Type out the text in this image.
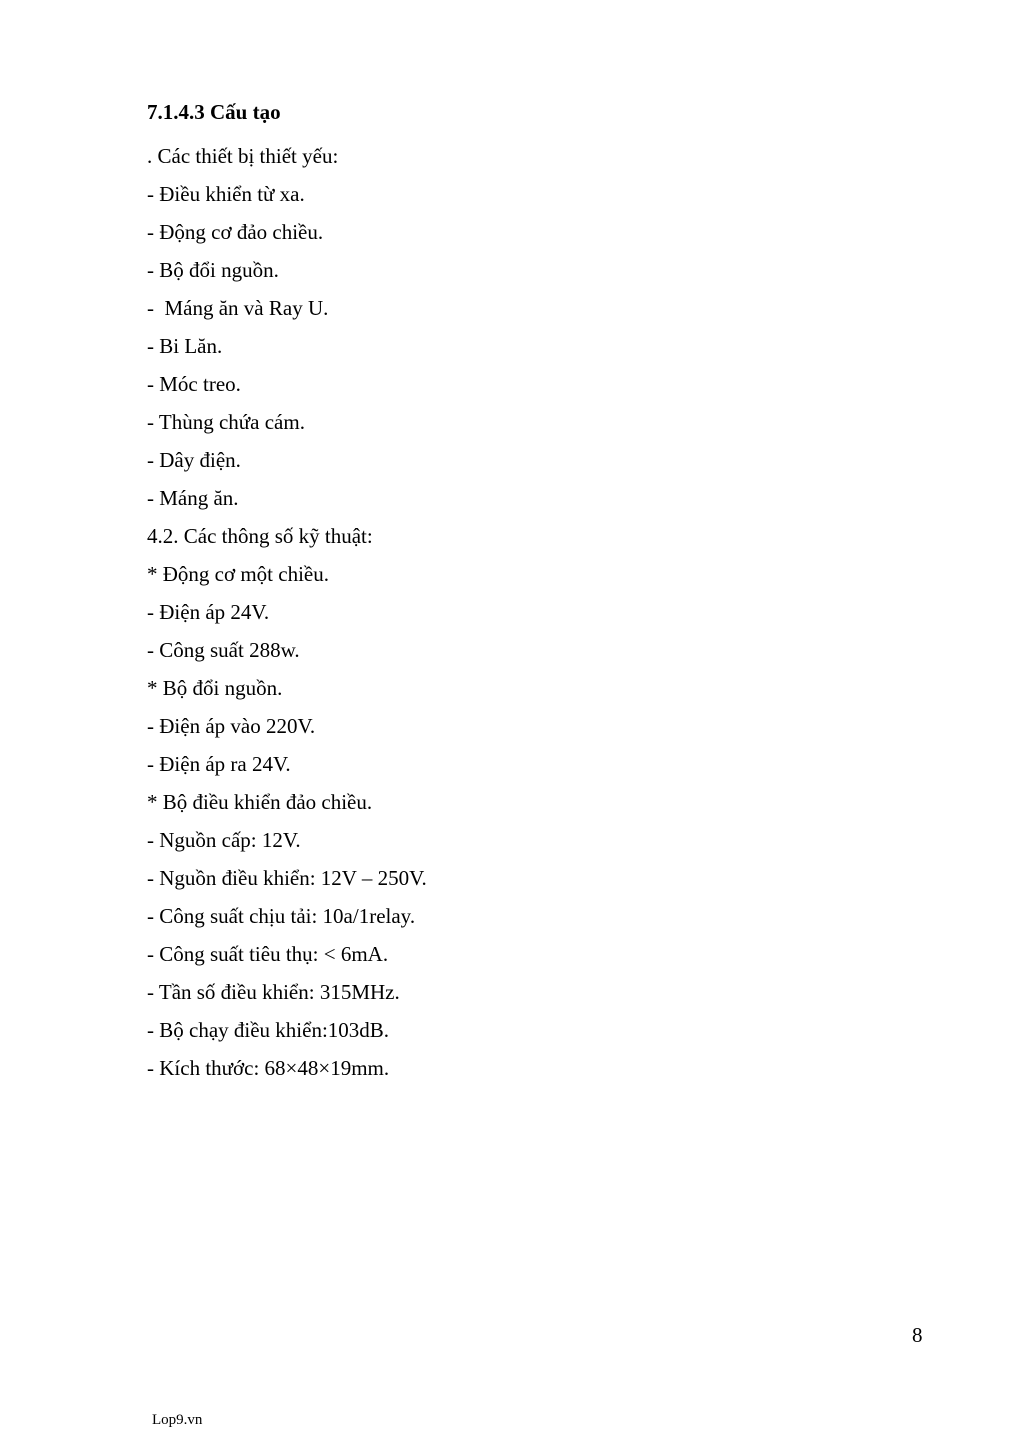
7.1.4.3 Cấu tạo
. Các thiết bị thiết yếu:
- Điều khiển từ xa.
- Động cơ đảo chiều.
- Bộ đổi nguồn.
-  Máng ăn và Ray U.
- Bi Lăn.
- Móc treo.
- Thùng chứa cám.
- Dây điện.
- Máng ăn.
4.2. Các thông số kỹ thuật:
* Động cơ một chiều.
- Điện áp 24V.
- Công suất 288w.
* Bộ đổi nguồn.
- Điện áp vào 220V.
- Điện áp ra 24V.
* Bộ điều khiển đảo chiều.
- Nguồn cấp: 12V.
- Nguồn điều khiển: 12V – 250V.
- Công suất chịu tải: 10a/1relay.
- Công suất tiêu thụ: < 6mA.
- Tần số điều khiển: 315MHz.
- Bộ chạy điều khiển:103dB.
- Kích thước: 68×48×19mm.
8
Lop9.vn
